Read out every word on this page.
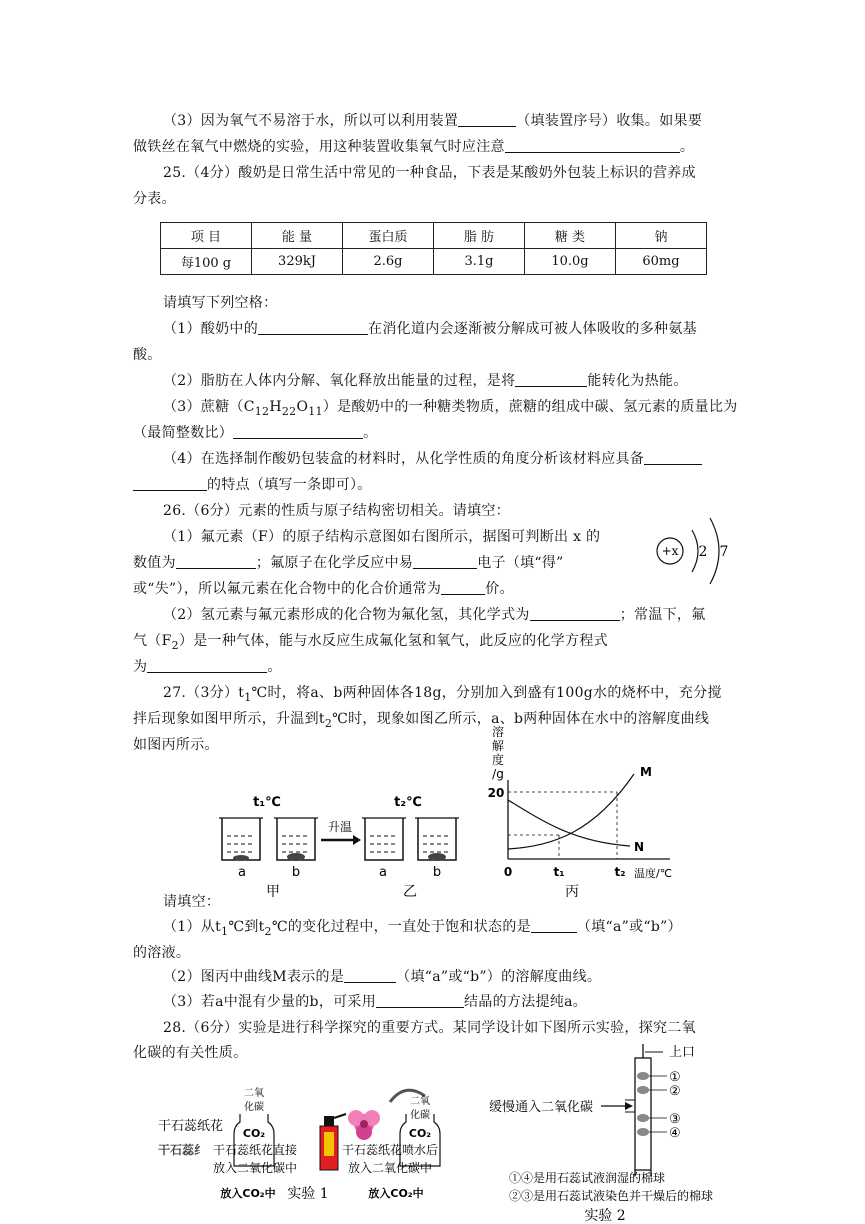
（3）因为氧气不易溶于水，所以可以利用装置	（填装置序号）收集。如果要
做铁丝在氧气中燃烧的实验，用这种装置收集氧气时应注意	。
25.（4分）酸奶是日常生活中常见的一种食品，下表是某酸奶外包装上标识的营养成
分表。
项 目	能 量	蛋白质	脂 肪	糖 类	钠
每100 g	329kJ	2.6g	3.1g	10.0g	60mg
请填写下列空格：
（1）酸奶中的	在消化道内会逐渐被分解成可被人体吸收的多种氨基
酸。
（2）脂肪在人体内分解、氧化释放出能量的过程，是将	能转化为热能。
（3）蔗糖$(C_{12}H_{22}O_{11})$是酸奶中的一种糖类物质，蔗糖的组成中碳、氢元素的质量比为
（最简整数比）	。
（4）在选择制作酸奶包装盒的材料时，从化学性质的角度分析该材料应具备
的特点（填写一条即可）。
26.（6分）元素的性质与原子结构密切相关。请填空：
（1）氟元素（F）的原子结构示意图如右图所示，据图可判断出 x 的
数值为	；氟原子在化学反应中易	电子（填“得”
或“失”），所以氟元素在化合物中的化合价通常为	价。
+x 2 7
（2）氢元素与氟元素形成的化合物为氟化氢，其化学式为	；常温下，氟
气$(F_2)$是一种气体，能与水反应生成氟化氢和氧气，此反应的化学方程式
为	。
27.（3分）$t_1℃$时，将a、b两种固体各18g，分别加入到盛有100g水的烧杯中，充分搅
拌后现象如图甲所示，升温到$t_2℃$时，现象如图乙所示，a、b两种固体在水中的溶解度曲线
如图丙所示。
t₁℃	t₂℃
升温
a	b	a	b
甲	乙
溶
解
度
/g
20
M
N
0	t₁	t₂ 温度/℃
丙
请填空：
（1）从$t_1℃$到$t_2℃$的变化过程中，一直处于饱和状态的是	（填“a”或“b”）
的溶液。
（2）图丙中曲线M表示的是	（填“a”或“b”）的溶解度曲线。
（3）若a中混有少量的b，可采用	结晶的方法提纯a。
28.（6分）实验是进行科学探究的重要方式。某同学设计如下图所示实验，探究二氧
化碳的有关性质。
干石蕊纸花
二氧
化碳
CO₂
干石蕊纟 干石蕊纸花直接
放入二氧化碳中
放入CO₂中 实验 1
二氧
化碳
CO₂
干石蕊纸花喷水后
放入二氧化碳中
放入CO₂中
上口
①
②
③
④
缓慢通入二氧化碳
①④是用石蕊试液润湿的棉球
②③是用石蕊试液染色并干燥后的棉球
实验 2
